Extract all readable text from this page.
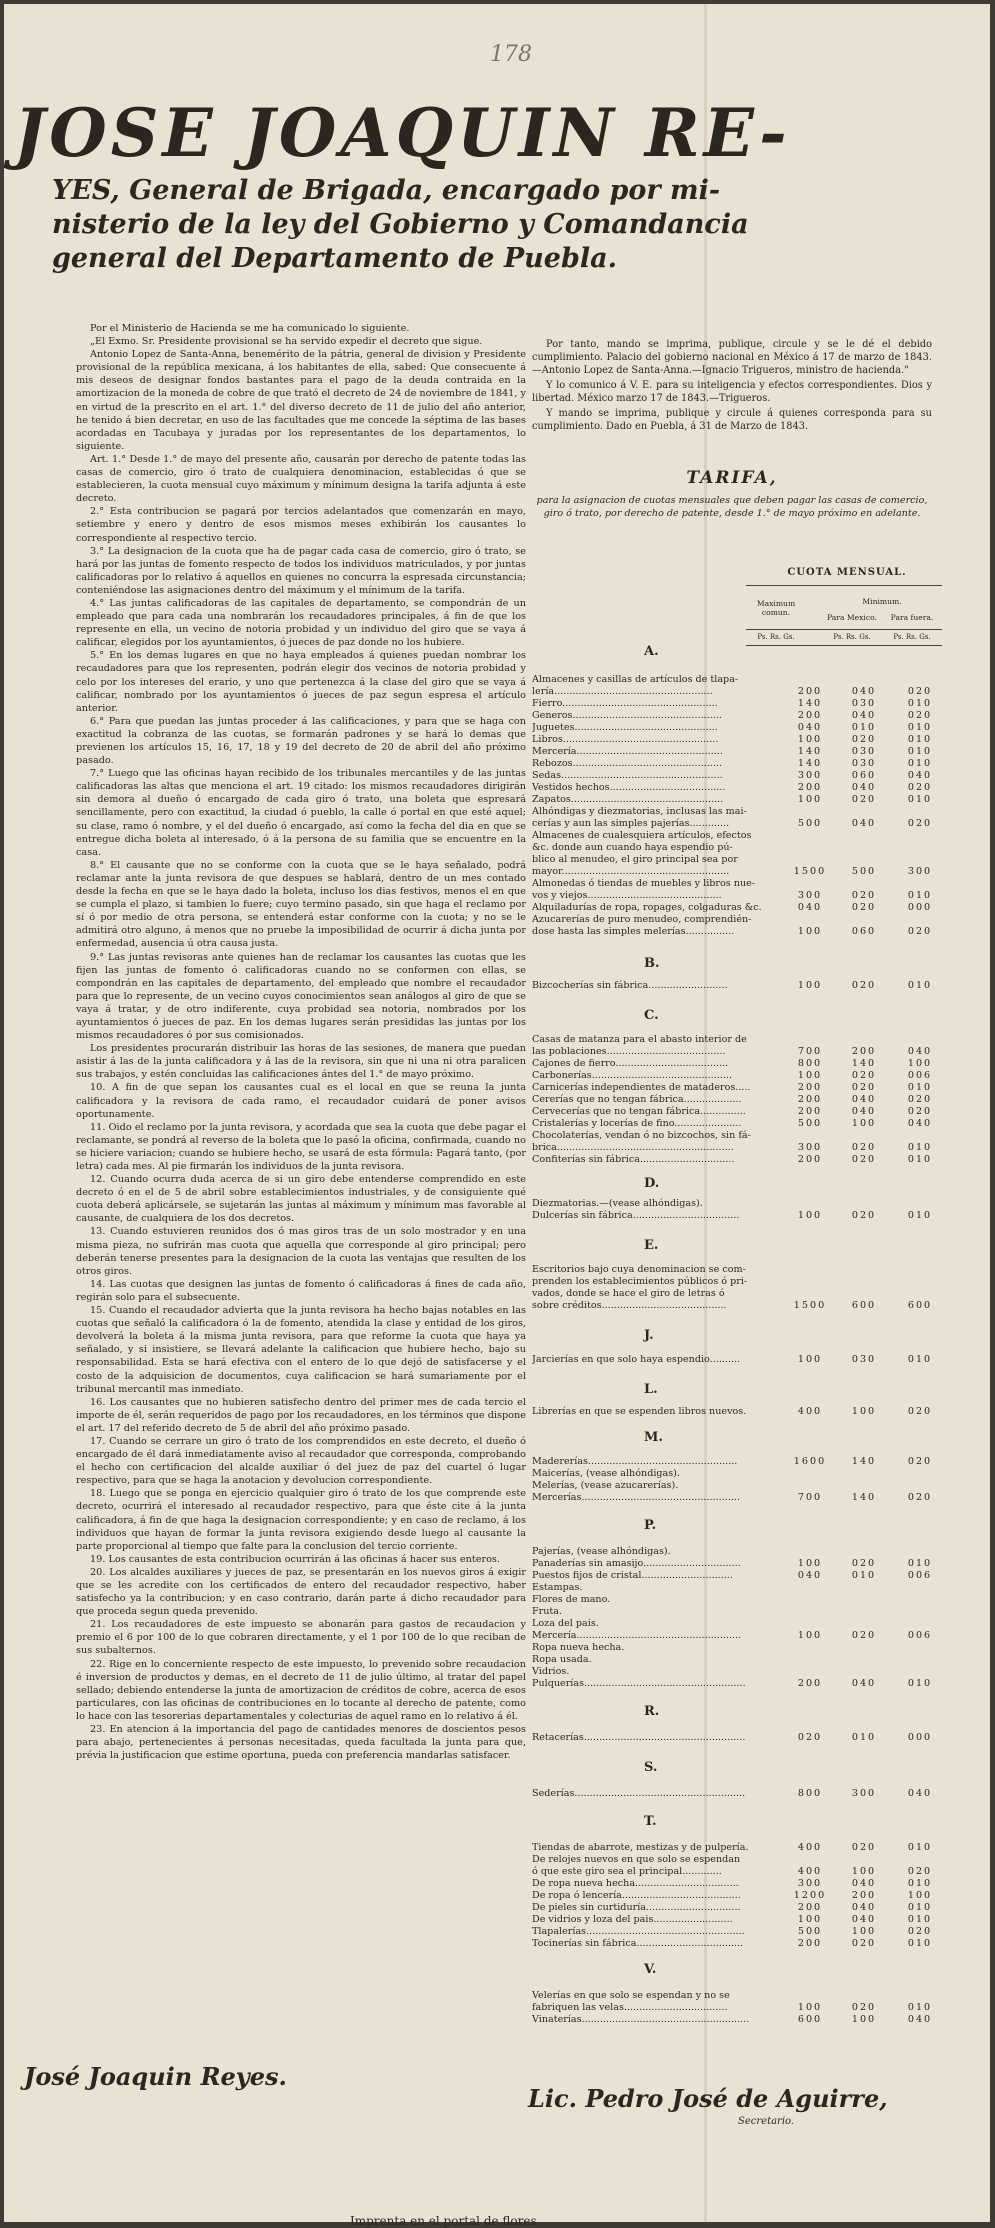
178
JOSE JOAQUIN RE-
YES, General de Brigada, encargado por mi-
nisterio de la ley del Gobierno y Comandancia
general del Departamento de Puebla.

Por el Ministerio de Hacienda se me ha comunicado lo siguiente.

„El Exmo. Sr. Presidente provisional se ha servido expedir el decreto que sigue.

Antonio Lopez de Santa-Anna, benemérito de la pátria, general de division y Presidente provisional de la república mexicana, á los habitantes de ella, sabed: Que consecuente á mis deseos de designar fondos bastantes para el pago de la deuda contraida en la amortizacion de la moneda de cobre de que trató el decreto de 24 de noviembre de 1841, y en virtud de la prescrito en el art. 1.° del diverso decreto de 11 de julio del año anterior, he tenido á bien decretar, en uso de las facultades que me concede la séptima de las bases acordadas en Tacubaya y juradas por los representantes de los departamentos, lo siguiente.

Art. 1.° Desde 1.° de mayo del presente año, causarán por derecho de patente todas las casas de comercio, giro ó trato de cualquiera denominacion, establecidas ó que se establecieren, la cuota mensual cuyo máximum y mínimum designa la tarifa adjunta á este decreto.

2.° Esta contribucion se pagará por tercios adelantados que comenzarán en mayo, setiembre y enero y dentro de esos mismos meses exhibirán los causantes lo correspondiente al respectivo tercio.

3.° La designacion de la cuota que ha de pagar cada casa de comercio, giro ó trato, se hará por las juntas de fomento respecto de todos los individuos matriculados, y por juntas calificadoras por lo relativo á aquellos en quienes no concurra la espresada circunstancia; conteniéndose las asignaciones dentro del máximum y el mínimum de la tarifa.

4.° Las juntas calificadoras de las capitales de departamento, se compondrán de un empleado que para cada una nombrarán los recaudadores principales, á fin de que los represente en ella, un vecino de notoria probidad y un individuo del giro que se vaya á calificar, elegidos por los ayuntamientos, ó jueces de paz donde no los hubiere.

5.° En los demas lugares en que no haya empleados á quienes puedan nombrar los recaudadores para que los representen, podrán elegir dos vecinos de notoria probidad y celo por los intereses del erario, y uno que pertenezca á la clase del giro que se vaya á calificar, nombrado por los ayuntamientos ó jueces de paz segun espresa el artículo anterior.

6.° Para que puedan las juntas proceder á las calificaciones, y para que se haga con exactitud la cobranza de las cuotas, se formarán padrones y se hará lo demas que previenen los artículos 15, 16, 17, 18 y 19 del decreto de 20 de abril del año próximo pasado.

7.° Luego que las oficinas hayan recibido de los tribunales mercantiles y de las juntas calificadoras las altas que menciona el art. 19 citado: los mismos recaudadores dirigirán sin demora al dueño ó encargado de cada giro ó trato, una boleta que espresará sencillamente, pero con exactitud, la ciudad ó pueblo, la calle ó portal en que esté aquel; su clase, ramo ó nombre, y el del dueño ó encargado, así como la fecha del dia en que se entregue dicha boleta al interesado, ó á la persona de su familia que se encuentre en la casa.

8.° El causante que no se conforme con la cuota que se le haya señalado, podrá reclamar ante la junta revisora de que despues se hablará, dentro de un mes contado desde la fecha en que se le haya dado la boleta, incluso los dias festivos, menos el en que se cumpla el plazo, si tambien lo fuere; cuyo termino pasado, sin que haga el reclamo por sí ó por medio de otra persona, se entenderá estar conforme con la cuota; y no se le admitirá otro alguno, á menos que no pruebe la imposibilidad de ocurrir á dicha junta por enfermedad, ausencia ú otra causa justa.

9.° Las juntas revisoras ante quienes han de reclamar los causantes las cuotas que les fijen las juntas de fomento ó calificadoras cuando no se conformen con ellas, se compondrán en las capitales de departamento, del empleado que nombre el recaudador para que lo represente, de un vecino cuyos conocimientos sean análogos al giro de que se vaya á tratar, y de otro indiferente, cuya probidad sea notoria, nombrados por los ayuntamientos ó jueces de paz. En los demas lugares serán presididas las juntas por los mismos recaudadores ó por sus comisionados.

Los presidentes procurarán distribuir las horas de las sesiones, de manera que puedan asistir á las de la junta calificadora y á las de la revisora, sin que ni una ni otra paralicen sus trabajos, y estén concluidas las calificaciones ántes del 1.° de mayo próximo.

10. A fin de que sepan los causantes cual es el local en que se reuna la junta calificadora y la revisora de cada ramo, el recaudador cuidará de poner avisos oportunamente.

11. Oido el reclamo por la junta revisora, y acordada que sea la cuota que debe pagar el reclamante, se pondrá al reverso de la boleta que lo pasó la oficina, confirmada, cuando no se hiciere variacion; cuando se hubiere hecho, se usará de esta fórmula: Pagará tanto, (por letra) cada mes. Al pie firmarán los individuos de la junta revisora.

12. Cuando ocurra duda acerca de si un giro debe entenderse comprendido en este decreto ó en el de 5 de abril sobre establecimientos industriales, y de consiguiente qué cuota deberá aplicársele, se sujetarán las juntas al máximum y mínimum mas favorable al causante, de cualquiera de los dos decretos.

13. Cuando estuvieren reunidos dos ó mas giros tras de un solo mostrador y en una misma pieza, no sufrirán mas cuota que aquella que corresponde al giro principal; pero deberán tenerse presentes para la designacion de la cuota las ventajas que resulten de los otros giros.

14. Las cuotas que designen las juntas de fomento ó calificadoras á fines de cada año, regirán solo para el subsecuente.

15. Cuando el recaudador advierta que la junta revisora ha hecho bajas notables en las cuotas que señaló la calificadora ó la de fomento, atendida la clase y entidad de los giros, devolverá la boleta á la misma junta revisora, para que reforme la cuota que haya ya señalado, y si insistiere, se llevará adelante la calificacion que hubiere hecho, bajo su responsabilidad. Esta se hará efectiva con el entero de lo que dejó de satisfacerse y el costo de la adquisicion de documentos, cuya calificacion se hará sumariamente por el tribunal mercantil mas inmediato.

16. Los causantes que no hubieren satisfecho dentro del primer mes de cada tercio el importe de él, serán requeridos de pago por los recaudadores, en los términos que dispone el art. 17 del referido decreto de 5 de abril del año próximo pasado.

17. Cuando se cerrare un giro ó trato de los comprendidos en este decreto, el dueño ó encargado de él dará inmediatamente aviso al recaudador que corresponda, comprobando el hecho con certificacion del alcalde auxiliar ó del juez de paz del cuartel ó lugar respectivo, para que se haga la anotacion y devolucion correspondiente.

18. Luego que se ponga en ejercicio qualquier giro ó trato de los que comprende este decreto, ocurrirá el interesado al recaudador respectivo, para que éste cite á la junta calificadora, á fin de que haga la designacion correspondiente; y en caso de reclamo, á los individuos que hayan de formar la junta revisora exigiendo desde luego al causante la parte proporcional al tiempo que falte para la conclusion del tercio corriente.

19. Los causantes de esta contribucion ocurrirán á las oficinas á hacer sus enteros.

20. Los alcaldes auxiliares y jueces de paz, se presentarán en los nuevos giros á exigir que se les acredite con los certificados de entero del recaudador respectivo, haber satisfecho ya la contribucion; y en caso contrario, darán parte á dicho recaudador para que proceda segun queda prevenido.

21. Los recaudadores de este impuesto se abonarán para gastos de recaudacion y premio el 6 por 100 de lo que cobraren directamente, y el 1 por 100 de lo que reciban de sus subalternos.

22. Rige en lo concerniente respecto de este impuesto, lo prevenido sobre recaudacion é inversion de productos y demas, en el decreto de 11 de julio último, al tratar del papel sellado; debiendo entenderse la junta de amortizacion de créditos de cobre, acerca de esos particulares, con las oficinas de contribuciones en lo tocante al derecho de patente, como lo hace con las tesorerias departamentales y colecturias de aquel ramo en lo relativo á él.

23. En atencion á la importancia del pago de cantidades menores de doscientos pesos para abajo, pertenecientes á personas necesitadas, queda facultada la junta para que, prévia la justificacion que estime oportuna, pueda con preferencia mandarlas satisfacer.

Por tanto, mando se imprima, publique, circule y se le dé el debido cumplimiento. Palacio del gobierno nacional en México á 17 de marzo de 1843.—Antonio Lopez de Santa-Anna.—Ignacio Trigueros, ministro de hacienda."

Y lo comunico á V. E. para su inteligencia y efectos correspondientes. Dios y libertad. México marzo 17 de 1843.—Trigueros.

Y mando se imprima, publique y circule á quienes corresponda para su cumplimiento. Dado en Puebla, á 31 de Marzo de 1843.

TARIFA,
para la asignacion de cuotas mensuales que deben pagar las casas de comercio, giro ó trato, por derecho de patente, desde 1.° de mayo próximo en adelante.
CUOTA MENSUAL.
Maximum comun.
Minimum.
Para Mexico.	Para fuera.
Ps. Rs. Gs.	Ps. Rs. Gs.	Ps. Rs. Gs.
A.
Almacenes y casillas de artículos de tlapa-
lería....................................................	200	040	020
Fierro...................................................	140	030	010
Generos.................................................	200	040	020
Juguetes...............................................	040	010	010
Libros...................................................	100	020	010
Mercería................................................	140	030	010
Rebozos.................................................	140	030	010
Sedas.....................................................	300	060	040
Vestidos hechos......................................	200	040	020
Zapatos..................................................	100	020	010
Alhóndigas y diezmatorias, inclusas las mai-
cerías y aun las simples pajerías.............	500	040	020
Almacenes de cualesquiera artículos, efectos
&c. donde aun cuando haya espendio pú-
blico al menudeo, el giro principal sea por
mayor.......................................................	1500	500	300
Almonedas ó tiendas de muebles y libros nue-
vos y viejos............................................	300	020	010
Alquiladurías de ropa, ropages, colgaduras &c.	040	020	000
Azucarerías de puro menudeo, comprendién-
dose hasta las simples melerías................	100	060	020
B.
Bizcocherías sin fábrica..........................	100	020	010
C.
Casas de matanza para el abasto interior de
las poblaciones.......................................	700	200	040
Cajones de fierro.....................................	800	140	100
Carbonerías..............................................	100	020	006
Carnicerías independientes de mataderos.....	200	020	010
Cererías que no tengan fábrica...................	200	040	020
Cervecerías que no tengan fábrica...............	200	040	020
Cristalerías y locerías de fino......................	500	100	040
Chocolaterías, vendan ó no bizcochos, sin fá-
brica..........................................................	300	020	010
Confiterías sin fábrica...............................	200	020	010
D.
Diezmatorias.—(vease alhóndigas).
Dulcerías sin fábrica...................................	100	020	010
E.
Escritorios bajo cuya denominacion se com-
prenden los establecimientos públicos ó pri-
vados, donde se hace el giro de letras ó
sobre créditos.........................................	1500	600	600
J.
Jarcierías en que solo haya espendio..........	100	030	010
L.
Librerías en que se espenden libros nuevos.	400	100	020
M.
Madererías.................................................	1600	140	020
Maicerías, (vease alhóndigas).
Melerías, (vease azucarerías).
Mercerías....................................................	700	140	020
P.
Pajerías, (vease alhóndigas).
Panaderías sin amasijo................................	100	020	010
Puestos fijos de cristal..............................	040	010	006
Estampas.
Flores de mano.
Fruta.
Loza del pais.
Mercería......................................................	100	020	006
Ropa nueva hecha.
Ropa usada.
Vidrios.
Pulquerías.....................................................	200	040	010
R.
Retacerías.....................................................	020	010	000
S.
Sederías........................................................	800	300	040
T.
Tiendas de abarrote, mestizas y de pulpería.	400	020	010
De relojes nuevos en que solo se espendan
ó que este giro sea el principal.............	400	100	020
De ropa nueva hecha..................................	300	040	010
De ropa ó lencería.......................................	1200	200	100
De pieles sin curtiduría...............................	200	040	010
De vidrios y loza del pais..........................	100	040	010
Tlapalerías....................................................	500	100	020
Tocinerías sin fábrica...................................	200	020	010
V.
Velerías en que solo se espendan y no se
fabriquen las velas..................................	100	020	010
Vinaterías.......................................................	600	100	040
José Joaquin Reyes.
Lic. Pedro José de Aguirre,
Secretario.
Imprenta en el portal de flores.
